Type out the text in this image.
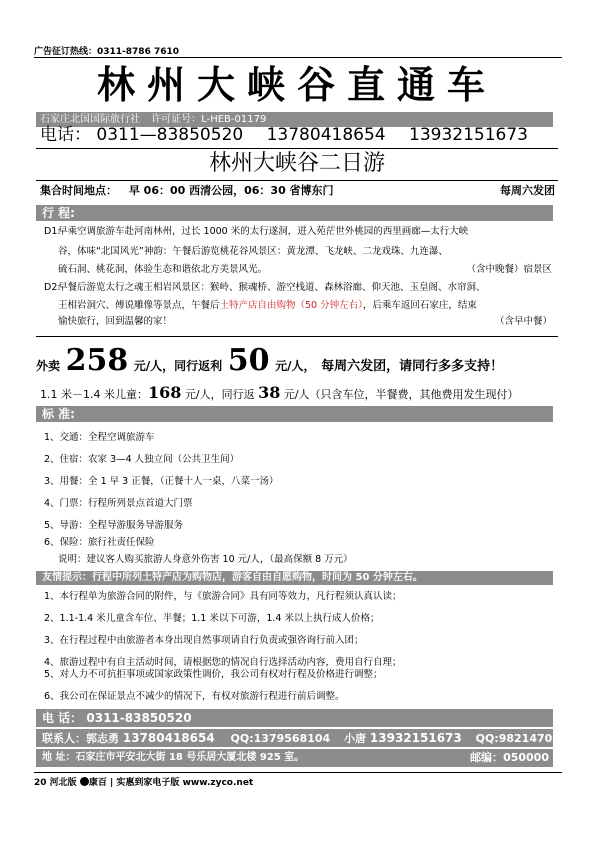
广告征订热线：0311-8786 7610
林州大峡谷直通车
石家庄北国国际旅行社 许可证号：L-HEB-01179
电话： 0311—83850520 13780418654 13932151673
林州大峡谷二日游
集合时间地点： 早 06：00 西清公园，06：30 省博东门	每周六发团
行 程:
D1:早乘空调旅游车赴河南林州，过长 1000 米的太行遂洞，进入苑茫世外桃园的西里画廊—太行大峡
谷，体味“北国风光”神韵：午餐后游览桃花谷风景区：黄龙潭、飞龙峡、二龙戏珠、九连瀑、
硫石洞、桃花洞，体验生态和谐依北方美景风光。	（含中晚餐）宿景区
D2:早餐后游览太行之魂王相岩风景区：猴岭、猴魂桥、游空栈道、森林浴廊、仰天池、玉皇阁、水帘洞、
王相岩洞穴、傅说雕像等景点，午餐后土特产店自由购物（50 分钟左右），后乘车返回石家庄，结束
愉快旅行，回到温馨的家！	（含早中餐）
外卖 258 元/人，同行返利 50 元/人， 每周六发团，请同行多多支持！
1.1 米－1.4 米儿童：168 元/人，同行返 38 元/人（只含车位，半餐费，其他费用发生现付）
标 准:
1、交通：全程空调旅游车
2、住宿：农家 3—4 人独立间（公共卫生间）
3、用餐：全 1 早 3 正餐，（正餐十人一桌，八菜一汤）
4、门票：行程所列景点首道大门票
5、导游：全程导游服务导游服务
6、保险：旅行社责任保险
说明：建议客人购买旅游人身意外伤害 10 元/人，（最高保额 8 万元）
友情提示：行程中所列土特产店为购物店，游客自由自愿购物，时间为 50 分钟左右。
1、本行程单为旅游合同的附件，与《旅游合同》具有同等效力，凡行程须认真认读；
2、1.1-1.4 米儿童含车位、半餐；1.1 米以下可游，1.4 米以上执行成人价格；
3、在行程过程中由旅游者本身出现自然事项请自行负责或强咨询行前入团；
4、旅游过程中有自主活动时间，请根据您的情况自行选择活动内容，费用自行自理；
5、对人力不可抗拒事项或国家政策性调价，我公司有权对行程及价格进行调整；
6、我公司在保证景点不减少的情况下，有权对旅游行程进行前后调整。
电 话： 0311-83850520
联系人：郭志勇 13780418654 QQ:1379568104 小唐 13932151673 QQ:98214708S
地 址：石家庄市平安北大街 18 号乐居大厦北楼 925 室。	邮编：050000
20 河北版 康百 | 实惠到家电子版 www.zyco.net
